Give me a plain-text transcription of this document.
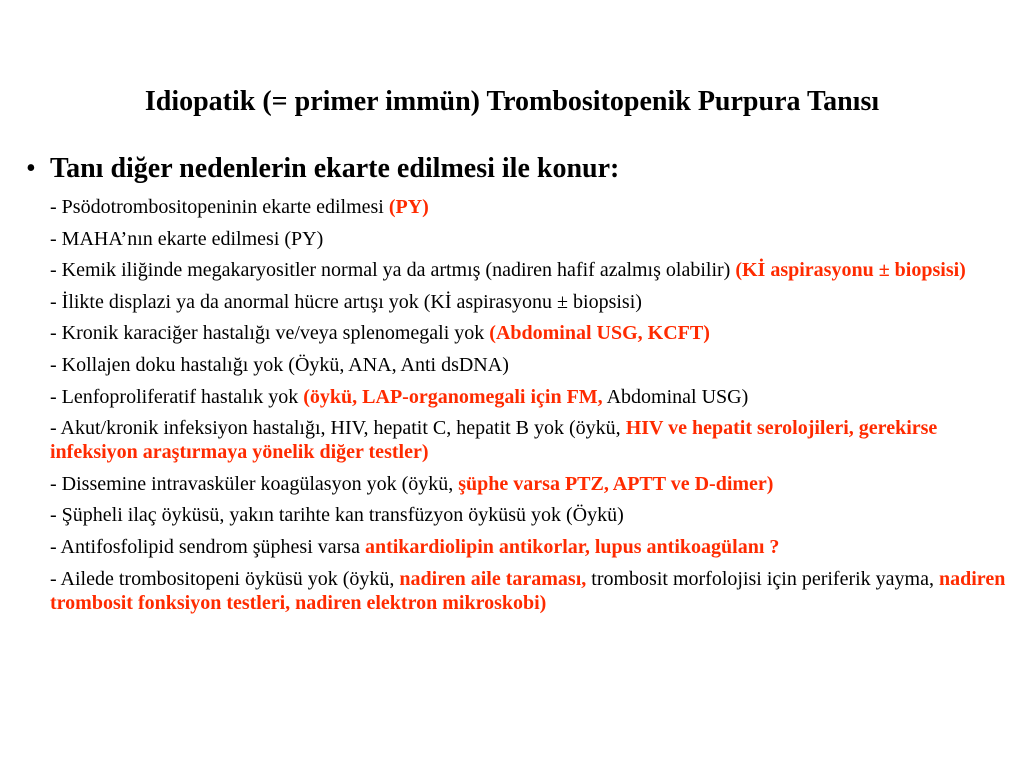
Idiopatik (= primer immün) Trombositopenik Purpura Tanısı
• Tanı diğer nedenlerin ekarte edilmesi ile konur:
- Psödotrombositopeninin ekarte edilmesi (PY)
- MAHA’nın ekarte edilmesi (PY)
- Kemik iliğinde megakaryositler normal ya da artmış (nadiren hafif azalmış olabilir) (Kİ aspirasyonu ± biopsisi)
- İlikte displazi ya da anormal hücre artışı yok (Kİ aspirasyonu ± biopsisi)
- Kronik karaciğer hastalığı ve/veya splenomegali yok (Abdominal USG, KCFT)
- Kollajen doku hastalığı yok (Öykü, ANA, Anti dsDNA)
- Lenfoproliferatif hastalık yok (öykü, LAP-organomegali için FM, Abdominal USG)
- Akut/kronik infeksiyon hastalığı, HIV, hepatit C, hepatit B yok (öykü, HIV ve hepatit serolojileri, gerekirse infeksiyon araştırmaya yönelik diğer testler)
- Dissemine intravasküler koagülasyon yok (öykü, şüphe varsa PTZ, APTT ve D-dimer)
- Şüpheli ilaç öyküsü, yakın tarihte kan transfüzyon öyküsü yok (Öykü)
- Antifosfolipid sendrom şüphesi varsa antikardiolipin antikorlar, lupus antikoagülanı ?
- Ailede trombositopeni öyküsü yok (öykü, nadiren aile taraması, trombosit morfolojisi için periferik yayma, nadiren trombosit fonksiyon testleri, nadiren elektron mikroskobi)
